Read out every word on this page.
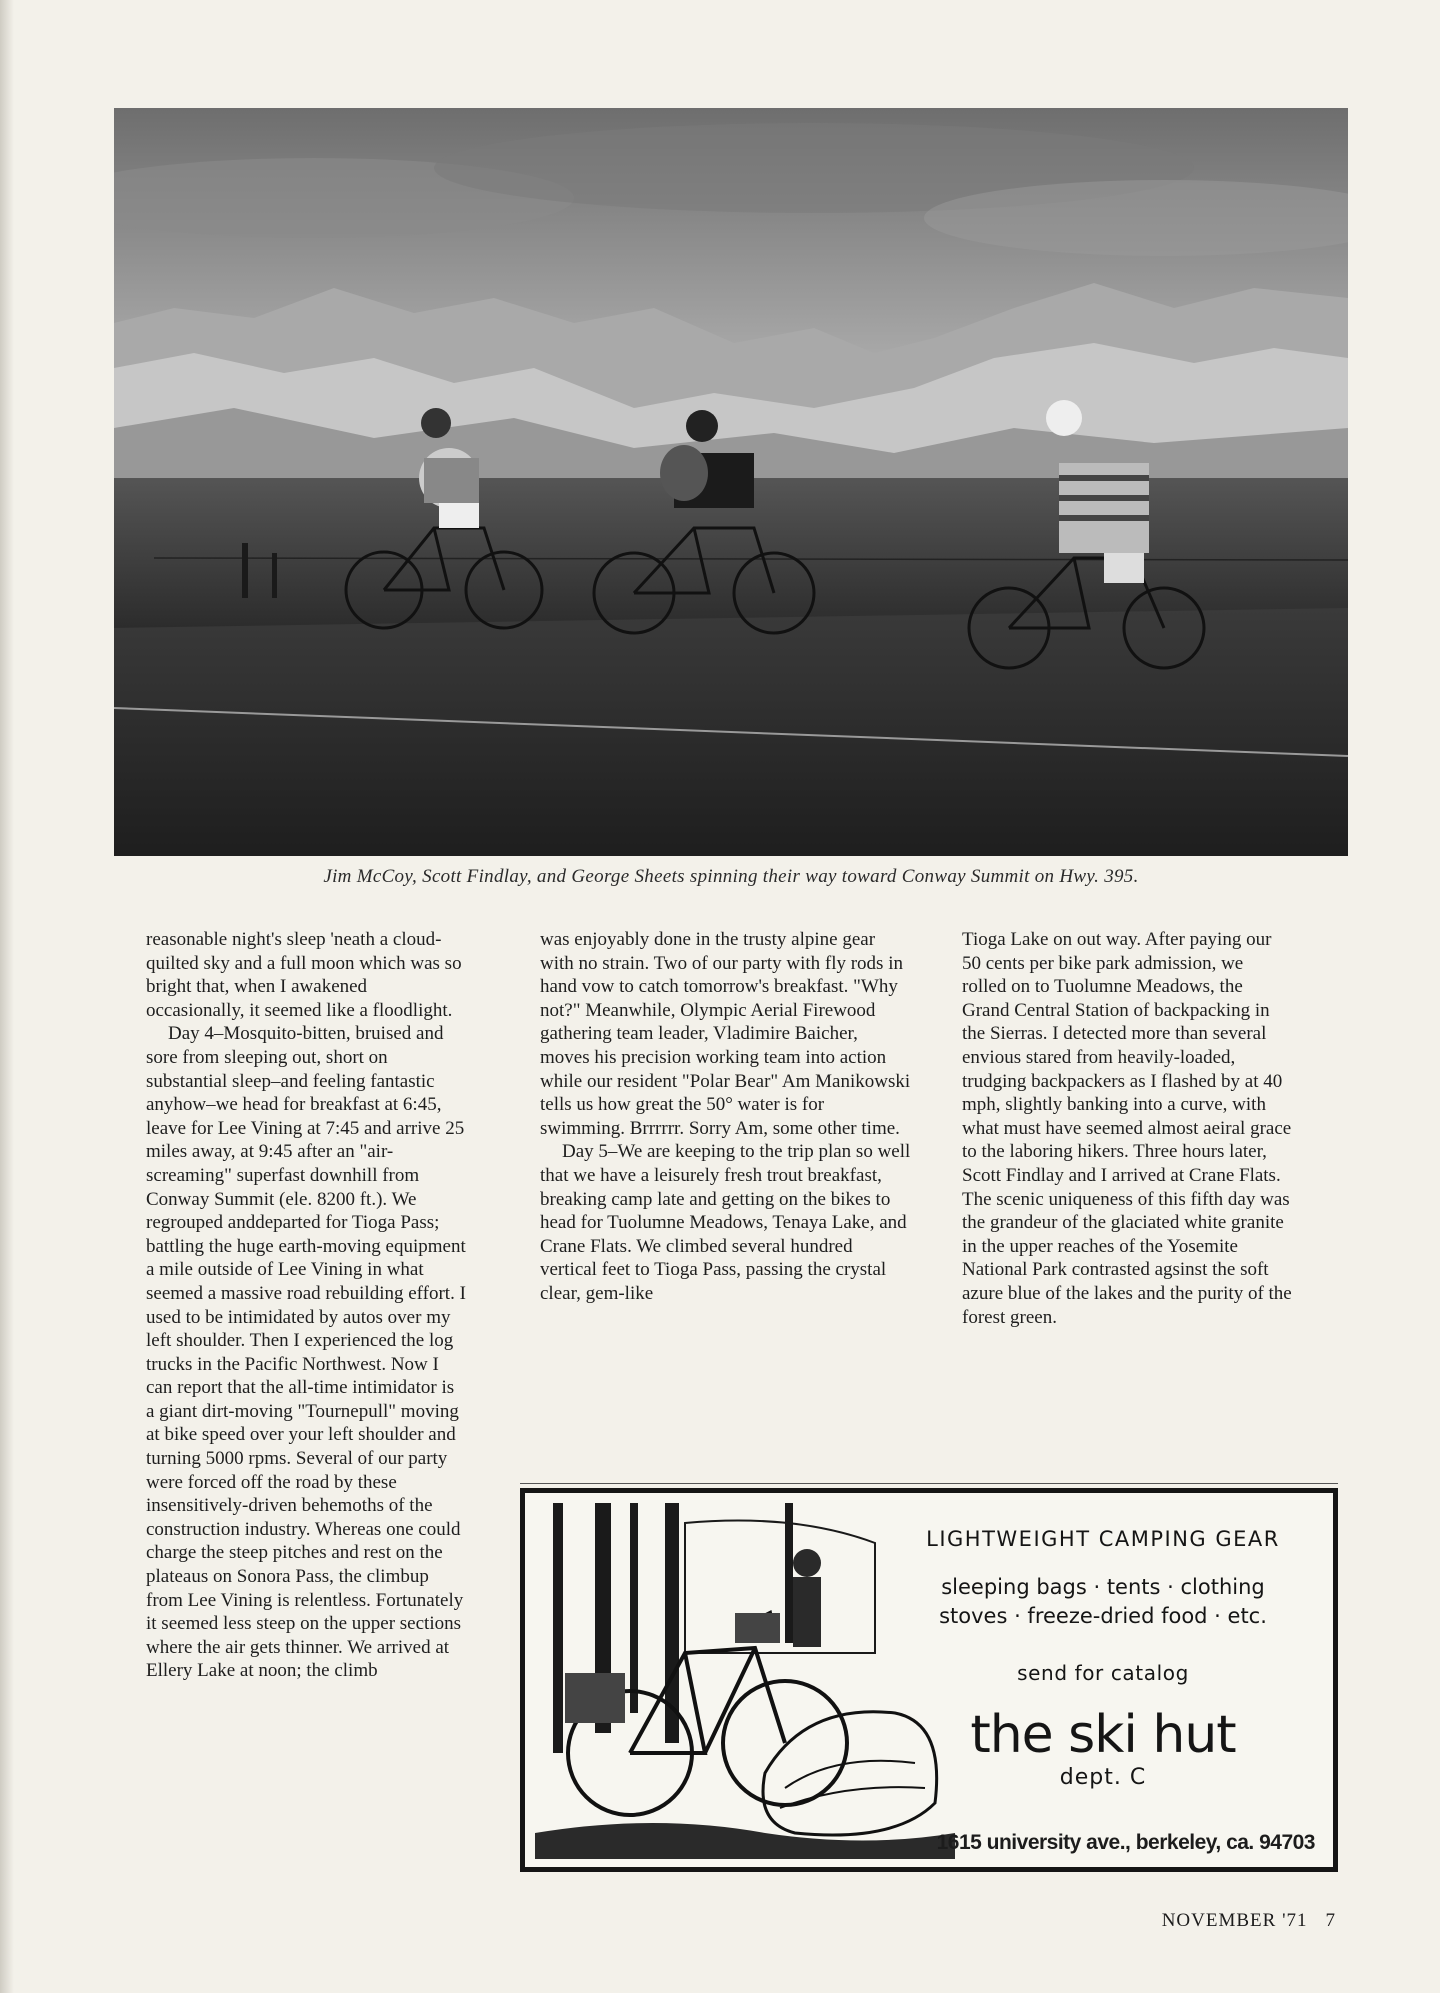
Jim McCoy, Scott Findlay, and George Sheets spinning their way toward Conway Summit on Hwy. 395.

reasonable night's sleep 'neath a cloud-quilted sky and a full moon which was so bright that, when I awakened occasionally, it seemed like a floodlight.

Day 4–Mosquito-bitten, bruised and sore from sleeping out, short on substantial sleep–and feeling fantastic anyhow–we head for breakfast at 6:45, leave for Lee Vining at 7:45 and arrive 25 miles away, at 9:45 after an "air-screaming" superfast downhill from Conway Summit (ele. 8200 ft.). We regrouped anddeparted for Tioga Pass; battling the huge earth-moving equipment a mile outside of Lee Vining in what seemed a massive road rebuilding effort. I used to be intimidated by autos over my left shoulder. Then I experienced the log trucks in the Pacific Northwest. Now I can report that the all-time intimidator is a giant dirt-moving "Tournepull" moving at bike speed over your left shoulder and turning 5000 rpms. Several of our party were forced off the road by these insensitively-driven behemoths of the construction industry. Whereas one could charge the steep pitches and rest on the plateaus on Sonora Pass, the climbup from Lee Vining is relentless. Fortunately it seemed less steep on the upper sections where the air gets thinner. We arrived at Ellery Lake at noon; the climb

was enjoyably done in the trusty alpine gear with no strain. Two of our party with fly rods in hand vow to catch tomorrow's breakfast. "Why not?" Meanwhile, Olympic Aerial Firewood gathering team leader, Vladimire Baicher, moves his precision working team into action while our resident "Polar Bear" Am Manikowski tells us how great the 50° water is for swimming. Brrrrrr. Sorry Am, some other time.

Day 5–We are keeping to the trip plan so well that we have a leisurely fresh trout breakfast, breaking camp late and getting on the bikes to head for Tuolumne Meadows, Tenaya Lake, and Crane Flats. We climbed several hundred vertical feet to Tioga Pass, passing the crystal clear, gem-like

Tioga Lake on out way. After paying our 50 cents per bike park admission, we rolled on to Tuolumne Meadows, the Grand Central Station of backpacking in the Sierras. I detected more than several envious stared from heavily-loaded, trudging backpackers as I flashed by at 40 mph, slightly banking into a curve, with what must have seemed almost aeiral grace to the laboring hikers. Three hours later, Scott Findlay and I arrived at Crane Flats. The scenic uniqueness of this fifth day was the grandeur of the glaciated white granite in the upper reaches of the Yosemite National Park contrasted agsinst the soft azure blue of the lakes and the purity of the forest green.

LIGHTWEIGHT CAMPING GEAR

sleeping bags · tents · clothing

stoves · freeze-dried food · etc.

send for catalog
the ski hut
dept. C
1615 university ave., berkeley, ca. 94703
NOVEMBER '71 7
